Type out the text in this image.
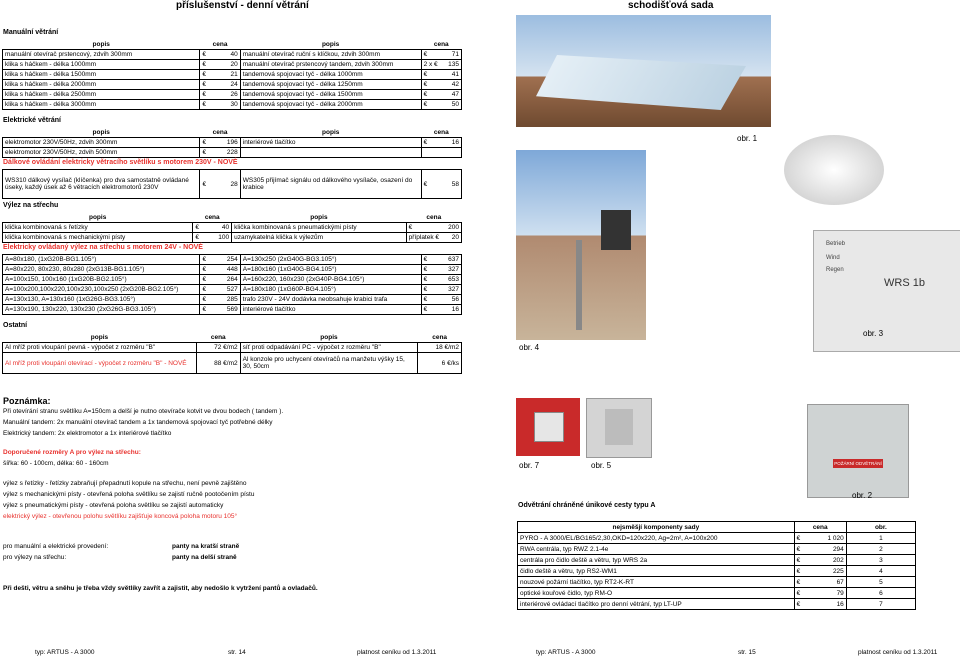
příslušenství - denní větrání	schodišťová sada
Manuální větrání
popis	cena		popis	cena	
manuální otevírač prstencový, zdvih 300mm	€	40	manuální otevírač ruční s klíčkou, zdvih 300mm	€	71
klika s háčkem - délka 1000mm	€	20	manuální otevírač prstencový tandem, zdvih 300mm	2 x €	135
klika s háčkem - délka 1500mm	€	21	tandemová spojovací tyč - délka 1000mm	€	41
klika s háčkem - délka 2000mm	€	24	tandemová spojovací tyč - délka 1250mm	€	42
klika s háčkem - délka 2500mm	€	26	tandemová spojovací tyč - délka 1500mm	€	47
klika s háčkem - délka 3000mm	€	30	tandemová spojovací tyč - délka 2000mm	€	50
Elektrické větrání
popis	cena		popis	cena	
elektromotor 230V/50Hz, zdvih 300mm	€	196	interiérové tlačítko	€	16
elektromotor 230V/50Hz, zdvih 500mm	€	228			
Dálkové ovládání elektricky větracího světlíku s motorem 230V - NOVÉ
WS310 dálkový vysílač (klíčenka) pro dva samostatně ovládané úseky, každý úsek až 6 větracích elektromotorů 230V	€	28	WS305 přijímač signálu od dálkového vysílače, osazení do krabice	€	58
Výlez na střechu
popis	cena		popis	cena	
klička kombinovaná s řetízky	€	40	klička kombinovaná s pneumatickými písty	€	200
klička kombinovaná s mechanickými písty	€	100	uzamykatelná klička k výlezům	příplatek €	20
Elektricky ovládaný výlez na střechu s motorem 24V - NOVÉ
A=80x180, (1xG20B-BG1.105°)	€	254	A=130x250 (2xG40G-BG3.105°)	€	637
A=80x220, 80x230, 80x280 (2xG13B-BG1.105°)	€	448	A=180x160 (1xG40G-BG4.105°)	€	327
A=100x150, 100x160 (1xG20B-BG2.105°)	€	264	A=160x220, 160x230 (2xG40P-BG4.105°)	€	653
A=100x200,100x220,100x230,100x250 (2xG20B-BG2.105°)	€	527	A=180x180 (1xG60P-BG4.105°)	€	327
A=130x130, A=130x160 (1xG26G-BG3.105°)	€	285	trafo 230V - 24V dodávka neobsahuje krabici trafa	€	56
A=130x190, 130x220, 130x230 (2xG26G-BG3.105°)	€	569	interiérové tlačítko	€	16
Ostatní
popis	cena	popis	cena
Al mříž proti vloupání pevná - výpočet z rozměru "B"	72 €/m2	síť proti odpadávání PC - výpočet z rozměru "B"	18 €/m2
Al mříž proti vloupání otevírací - výpočet z rozměru "B" - NOVÉ	88 €/m2	Al konzole pro uchycení otevíračů na manžetu výšky 15, 30, 50cm	6 €/ks
Poznámka:
Při otevírání stranu světlíku A=150cm a delší je nutno otevírače kotvit ve dvou bodech ( tandem ).
Manuální tandem: 2x manuální otevírač tandem a 1x tandemová spojovací tyč potřebné délky
Elektrický tandem: 2x elektromotor a 1x interiérové tlačítko
Doporučené rozměry A pro výlez na střechu:
šířka: 60 - 100cm, délka: 60 - 160cm
výlez s řetízky - řetízky zabraňují přepadnutí kopule na střechu, není pevně zajištěno
výlez s mechanickými písty - otevřená poloha světlíku se zajistí ručně pootočením pístu
výlez s pneumatickými písty - otevřená poloha světlíku se zajistí automaticky
elektrický výlez - otevřenou polohu světlíku zajišťuje koncová poloha motoru 105°
pro manuální a elektrické provedení:	panty na kratší straně
pro výlezy na střechu:	panty na delší straně
Při dešti, větru a sněhu je třeba vždy světlíky zavřít a zajistit, aby nedošlo k vytržení pantů a ovladačů.
obr. 1
obr. 4
Betrieb
Wind
Regen
WRS 1b
obr. 3
obr. 7	obr. 5	POŽÁRNÍ ODVĚTRÁNÍ
obr. 2
Odvětrání chráněné únikové cesty typu A
nejsměšjí komponenty sady	cena		obr.
PYRO - A 3000/EL/BG165/2,30,OKD=120x220, Ag=2m², A=100x200	€	1 020	1
RWA centrála, typ RWZ 2.1-4e	€	294	2
centrála pro čidlo deště a větru, typ WRS 2a	€	202	3
čidlo deště a větru, typ RS2-WM1	€	225	4
nouzové požární tlačítko, typ RT2-K-RT	€	67	5
optické kouřové čidlo, typ RM-O	€	79	6
interiérové ovládací tlačítko pro denní větrání, typ LT-UP	€	16	7
typ: ARTUS - A 3000	str. 14	platnost ceníku od 1.3.2011	typ: ARTUS - A 3000	str. 15	platnost ceníku od 1.3.2011
